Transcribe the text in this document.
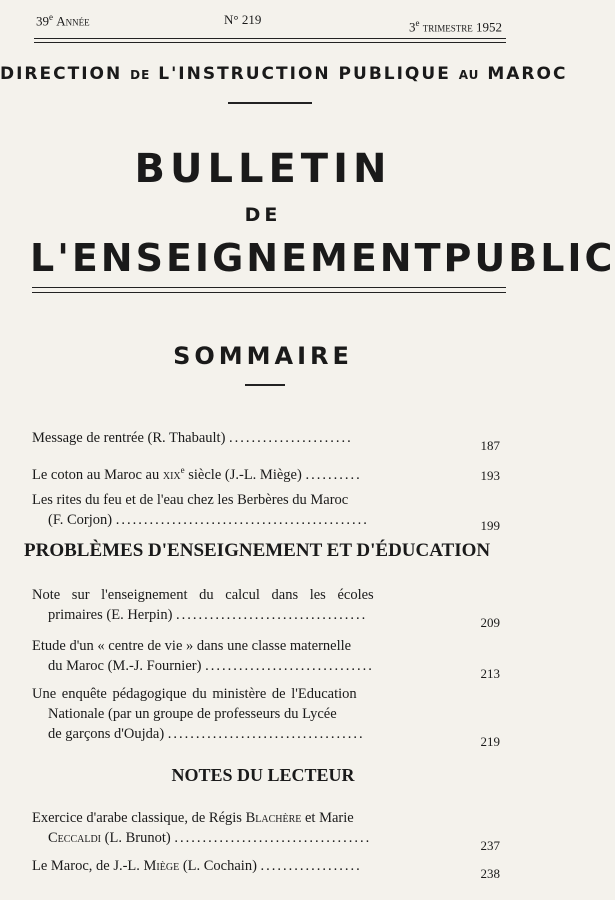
39e Année	N° 219	3e trimestre 1952
DIRECTION DE L'INSTRUCTION PUBLIQUE AU MAROC
BULLETIN
DE
L'ENSEIGNEMENT PUBLIC
SOMMAIRE
Message de rentrée (R. Thabault) ......................	187
Le coton au Maroc au xix$^e$ siècle (J.-L. Miège) ..........	193
Les rites du feu et de l'eau chez les Berbères du Maroc
(F. Corjon) .............................................	199
PROBLÈMES D'ENSEIGNEMENT ET D'ÉDUCATION
Note sur l'enseignement du calcul dans les écoles
primaires (E. Herpin) ..................................	209
Etude d'un « centre de vie » dans une classe maternelle
du Maroc (M.-J. Fournier) ..............................	213
Une enquête pédagogique du ministère de l'Education
Nationale (par un groupe de professeurs du Lycée
de garçons d'Oujda) ...................................	219
NOTES DU LECTEUR
Exercice d'arabe classique, de Régis Blachère et Marie
Ceccaldi (L. Brunot) ...................................	237
Le Maroc, de J.-L. Miège (L. Cochain) ..................	238
